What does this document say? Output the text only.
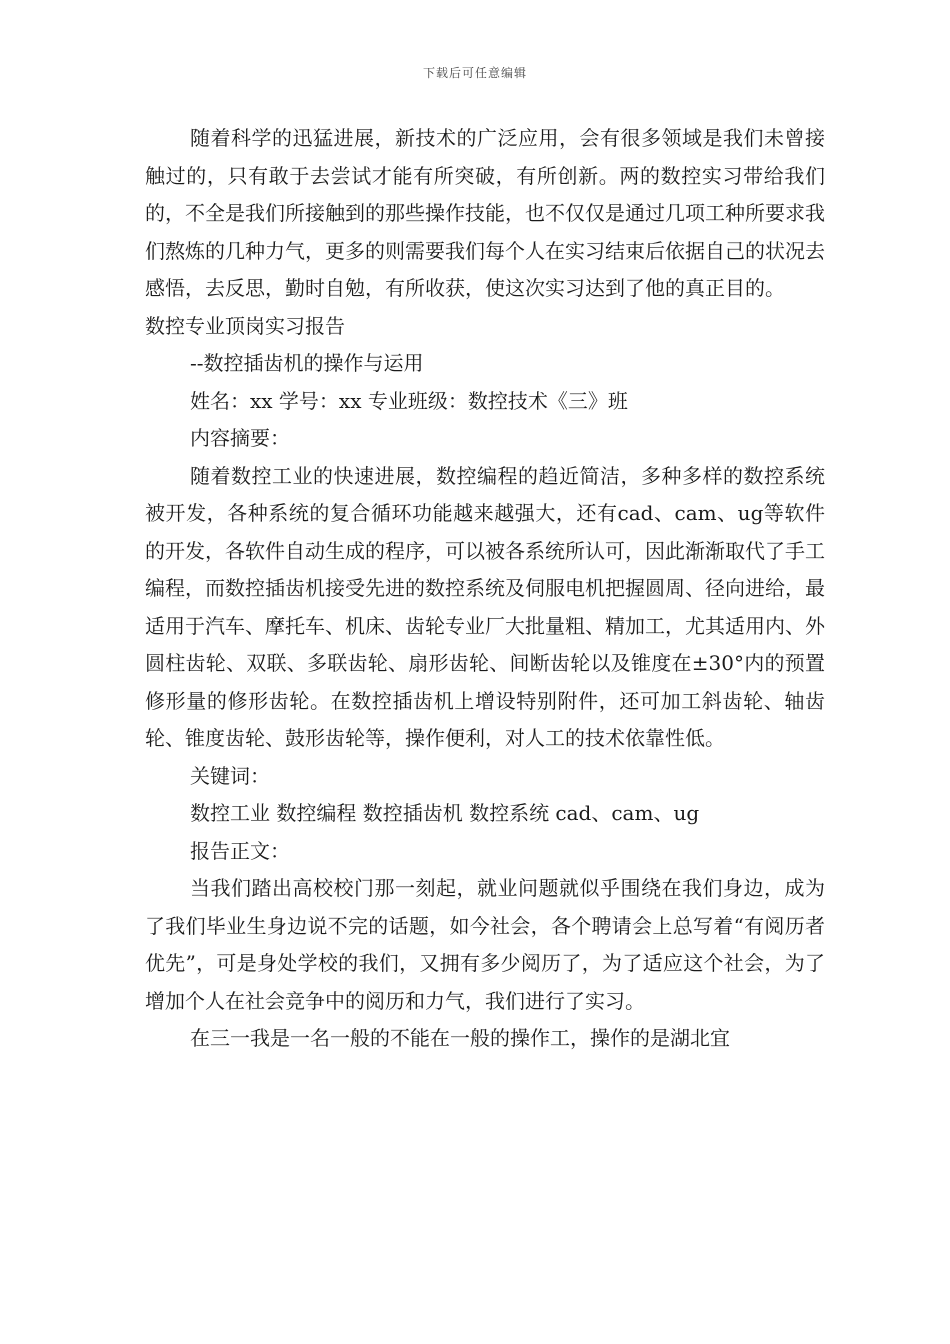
下载后可任意编辑

随着科学的迅猛进展，新技术的广泛应用，会有很多领域是我们未曾接触过的，只有敢于去尝试才能有所突破，有所创新。两的数控实习带给我们的，不全是我们所接触到的那些操作技能，也不仅仅是通过几项工种所要求我们熬炼的几种力气，更多的则需要我们每个人在实习结束后依据自己的状况去感悟，去反思，勤时自勉，有所收获，使这次实习达到了他的真正目的。

数控专业顶岗实习报告

--数控插齿机的操作与运用

姓名：xx 学号：xx 专业班级：数控技术《三》班

内容摘要：

随着数控工业的快速进展，数控编程的趋近简洁，多种多样的数控系统被开发，各种系统的复合循环功能越来越强大，还有cad、cam、ug等软件的开发，各软件自动生成的程序，可以被各系统所认可，因此渐渐取代了手工编程，而数控插齿机接受先进的数控系统及伺服电机把握圆周、径向进给，最适用于汽车、摩托车、机床、齿轮专业厂大批量粗、精加工，尤其适用内、外圆柱齿轮、双联、多联齿轮、扇形齿轮、间断齿轮以及锥度在±30°内的预置修形量的修形齿轮。在数控插齿机上增设特别附件，还可加工斜齿轮、轴齿轮、锥度齿轮、鼓形齿轮等，操作便利，对人工的技术依靠性低。

关键词：

数控工业 数控编程 数控插齿机 数控系统 cad、cam、ug

报告正文：

当我们踏出高校校门那一刻起，就业问题就似乎围绕在我们身边，成为了我们毕业生身边说不完的话题，如今社会，各个聘请会上总写着“有阅历者优先”，可是身处学校的我们，又拥有多少阅历了，为了适应这个社会，为了增加个人在社会竞争中的阅历和力气，我们进行了实习。

在三一我是一名一般的不能在一般的操作工，操作的是湖北宜
